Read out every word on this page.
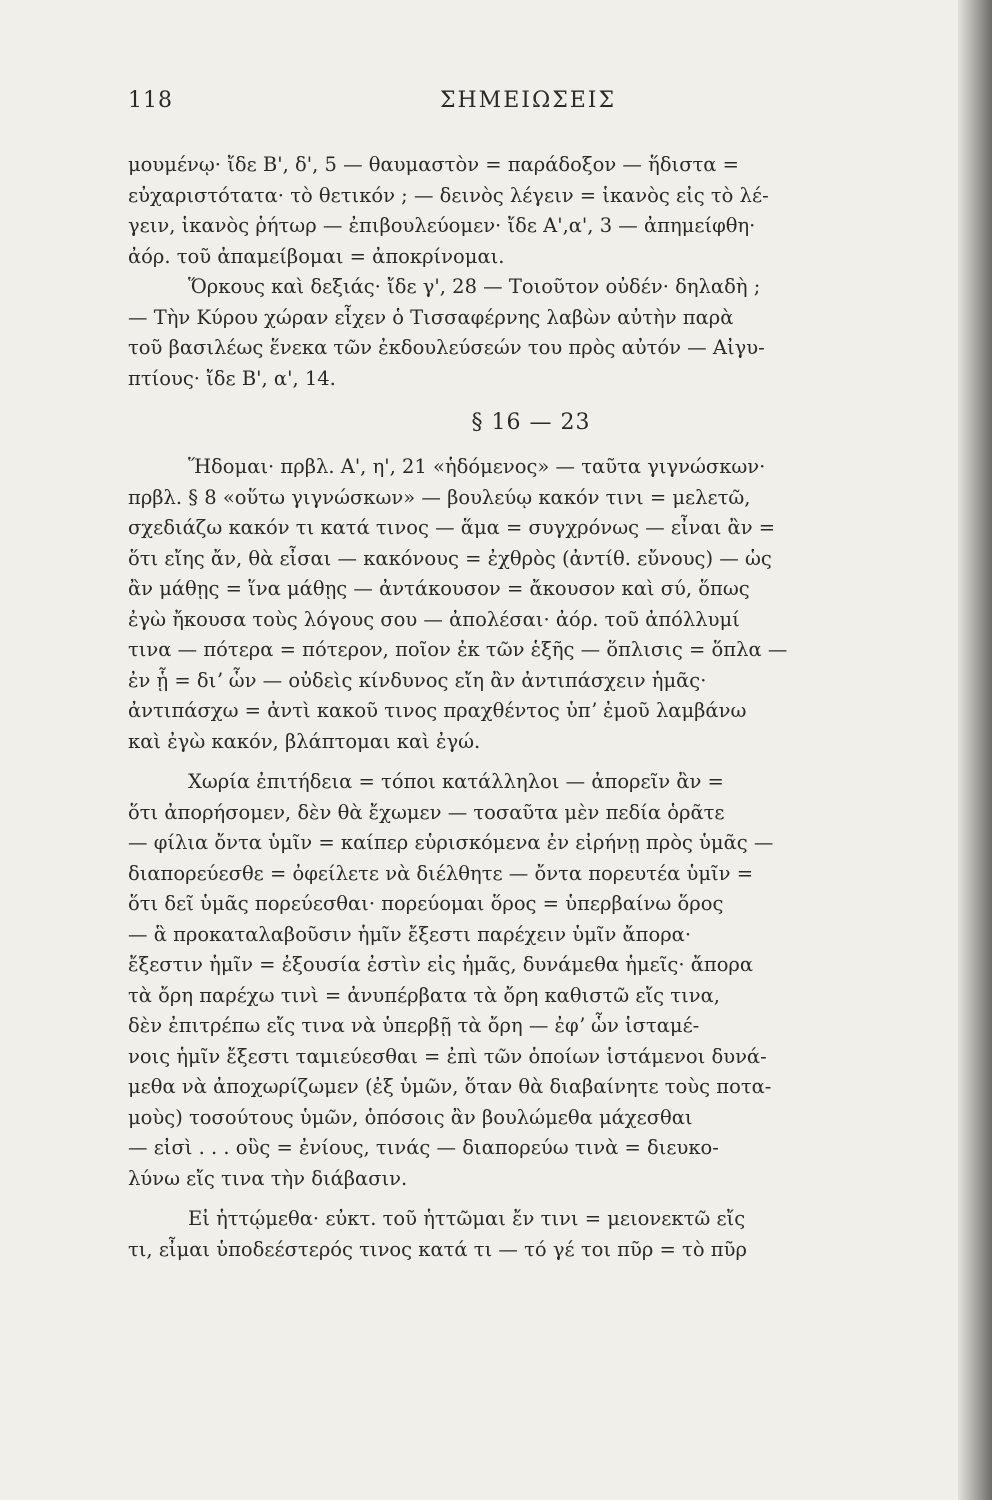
118	ΣΗΜΕΙΩΣΕΙΣ
μουμένῳ· ἴδε Β', δ', 5 — θαυμαστὸν = παράδοξον — ἥδιστα =
εὐχαριστότατα· τὸ θετικόν ; — δεινὸς λέγειν = ἱκανὸς εἰς τὸ λέ-
γειν, ἱκανὸς ῥήτωρ — ἐπιβουλεύομεν· ἴδε Α',α', 3 — ἀπημείφθη·
ἀόρ. τοῦ ἀπαμείβομαι = ἀποκρίνομαι.
Ὅρκους καὶ δεξιάς· ἴδε γ', 28 — Τοιοῦτον οὐδέν· δηλαδὴ ;
— Τὴν Κύρου χώραν εἶχεν ὁ Τισσαφέρνης λαβὼν αὐτὴν παρὰ
τοῦ βασιλέως ἕνεκα τῶν ἐκδουλεύσεών του πρὸς αὐτόν — Αἰγυ-
πτίους· ἴδε Β', α', 14.
§ 16 — 23
Ἥδομαι· πρβλ. Α', η', 21 «ἡδόμενος» — ταῦτα γιγνώσκων·
πρβλ. § 8 «οὕτω γιγνώσκων» — βουλεύῳ κακόν τινι = μελετῶ,
σχεδιάζω κακόν τι κατά τινος — ἅμα = συγχρόνως — εἶναι ἂν =
ὅτι εἴης ἄν, θὰ εἶσαι — κακόνους = ἐχθρὸς (ἀντίθ. εὔνους) — ὡς
ἂν μάθῃς = ἵνα μάθῃς — ἀντάκουσον = ἄκουσον καὶ σύ, ὅπως
ἐγὼ ἤκουσα τοὺς λόγους σου — ἀπολέσαι· ἀόρ. τοῦ ἀπόλλυμί
τινα — πότερα = πότερον, ποῖον ἐκ τῶν ἑξῆς — ὅπλισις = ὅπλα —
ἐν ᾗ = διʼ ὧν — οὐδεὶς κίνδυνος εἴη ἂν ἀντιπάσχειν ἡμᾶς·
ἀντιπάσχω = ἀντὶ κακοῦ τινος πραχθέντος ὑπʼ ἐμοῦ λαμβάνω
καὶ ἐγὼ κακόν, βλάπτομαι καὶ ἐγώ.
Χωρία ἐπιτήδεια = τόποι κατάλληλοι — ἀπορεῖν ἂν =
ὅτι ἀπορήσομεν, δὲν θὰ ἔχωμεν — τοσαῦτα μὲν πεδία ὁρᾶτε
— φίλια ὄντα ὑμῖν = καίπερ εὑρισκόμενα ἐν εἰρήνῃ πρὸς ὑμᾶς —
διαπορεύεσθε = ὀφείλετε νὰ διέλθητε — ὄντα πορευτέα ὑμῖν =
ὅτι δεῖ ὑμᾶς πορεύεσθαι· πορεύομαι ὅρος = ὑπερβαίνω ὅρος
— ἃ προκαταλαβοῦσιν ἡμῖν ἔξεστι παρέχειν ὑμῖν ἄπορα·
ἔξεστιν ἡμῖν = ἐξουσία ἐστὶν εἰς ἡμᾶς, δυνάμεθα ἡμεῖς· ἄπορα
τὰ ὄρη παρέχω τινὶ = ἀνυπέρβατα τὰ ὄρη καθιστῶ εἴς τινα,
δὲν ἐπιτρέπω εἴς τινα νὰ ὑπερβῇ τὰ ὄρη — ἐφʼ ὧν ἱσταμέ-
νοις ἡμῖν ἔξεστι ταμιεύεσθαι = ἐπὶ τῶν ὁποίων ἱστάμενοι δυνά-
μεθα νὰ ἀποχωρίζωμεν (ἐξ ὑμῶν, ὅταν θὰ διαβαίνητε τοὺς ποτα-
μοὺς) τοσούτους ὑμῶν, ὁπόσοις ἂν βουλώμεθα μάχεσθαι
— εἰσὶ . . . οὓς = ἐνίους, τινάς — διαπορεύω τινὰ = διευκο-
λύνω εἴς τινα τὴν διάβασιν.
Εἰ ἡττῴμεθα· εὐκτ. τοῦ ἡττῶμαι ἔν τινι = μειονεκτῶ εἴς
τι, εἶμαι ὑποδεέστερός τινος κατά τι — τό γέ τοι πῦρ = τὸ πῦρ
